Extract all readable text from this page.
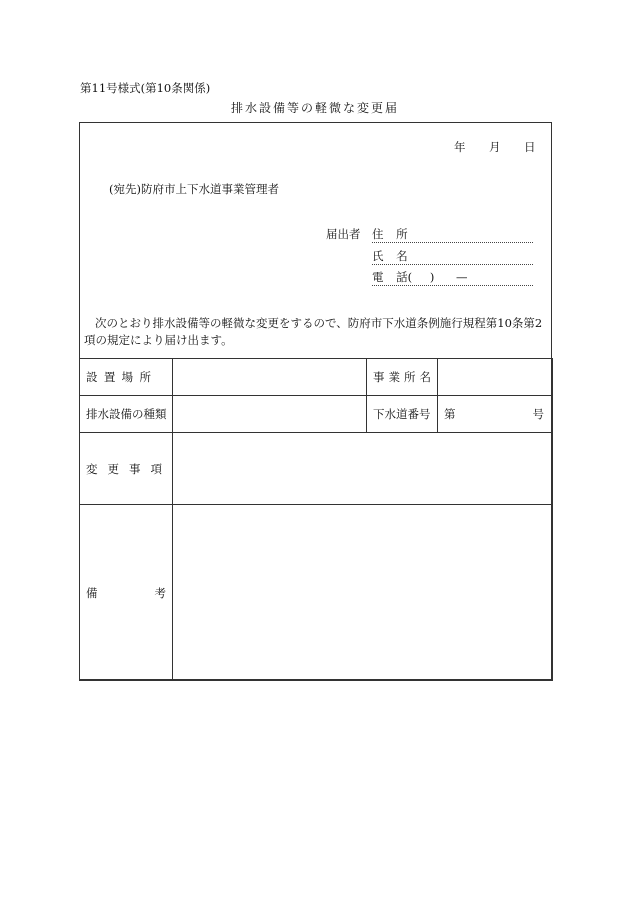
第11号様式(第10条関係)
排水設備等の軽微な変更届
年 月 日
(宛先)防府市上下水道事業管理者
届出者 住 所
氏 名
電 話( ) —
次のとおり排水設備等の軽微な変更をするので、防府市下水道条例施行規程第10条第2項の規定により届け出ます。
設 置 場 所		事 業 所 名	

排水設備の種類		下水道番号	第 号

変 更 事 項			

備 考			
